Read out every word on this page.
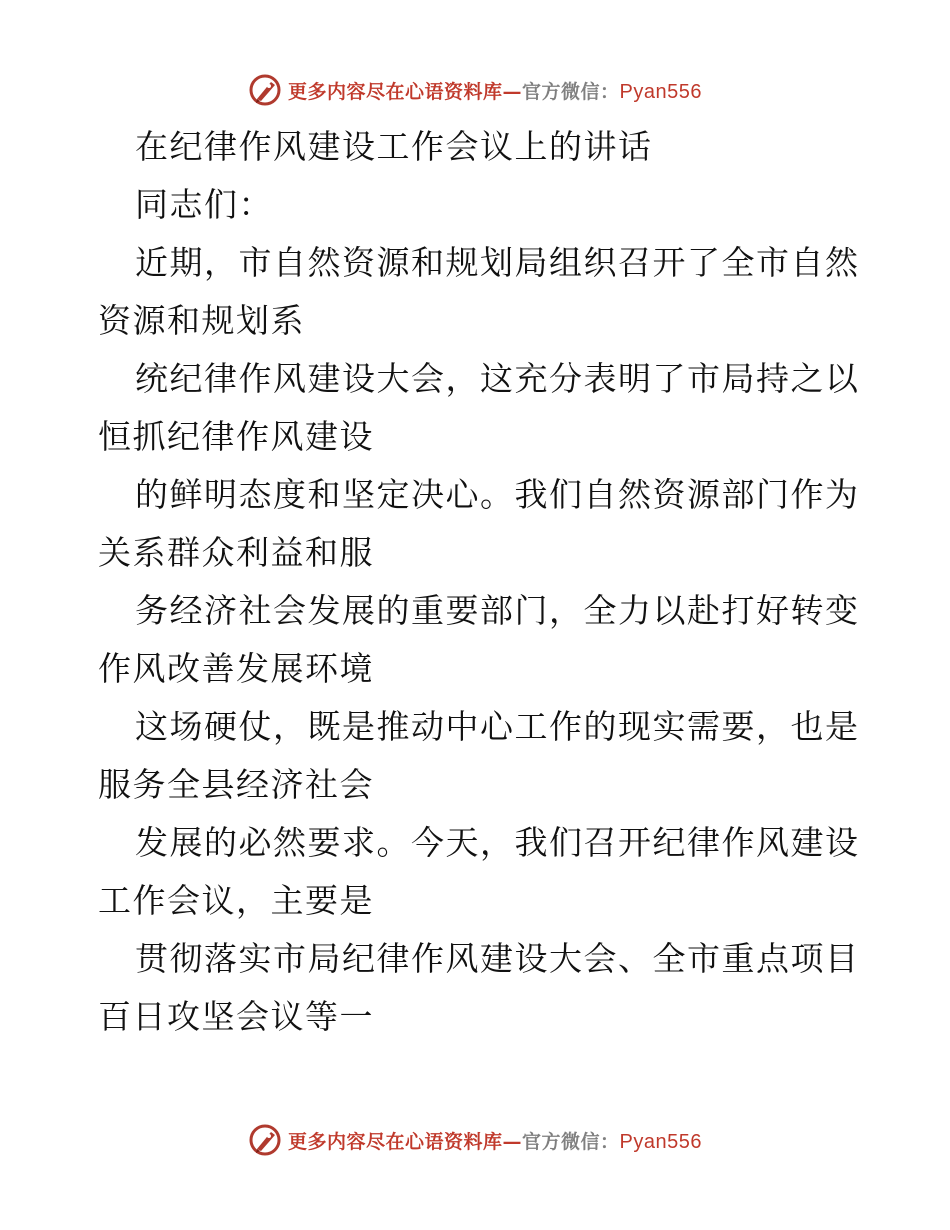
更多内容尽在心语资料库—官方微信：Pyan556
在纪律作风建设工作会议上的讲话
同志们：
近期，市自然资源和规划局组织召开了全市自然
资源和规划系
统纪律作风建设大会，这充分表明了市局持之以
恒抓纪律作风建设
的鲜明态度和坚定决心。我们自然资源部门作为
关系群众利益和服
务经济社会发展的重要部门，全力以赴打好转变
作风改善发展环境
这场硬仗，既是推动中心工作的现实需要，也是
服务全县经济社会
发展的必然要求。今天，我们召开纪律作风建设
工作会议，主要是
贯彻落实市局纪律作风建设大会、全市重点项目
百日攻坚会议等一
更多内容尽在心语资料库—官方微信：Pyan556
